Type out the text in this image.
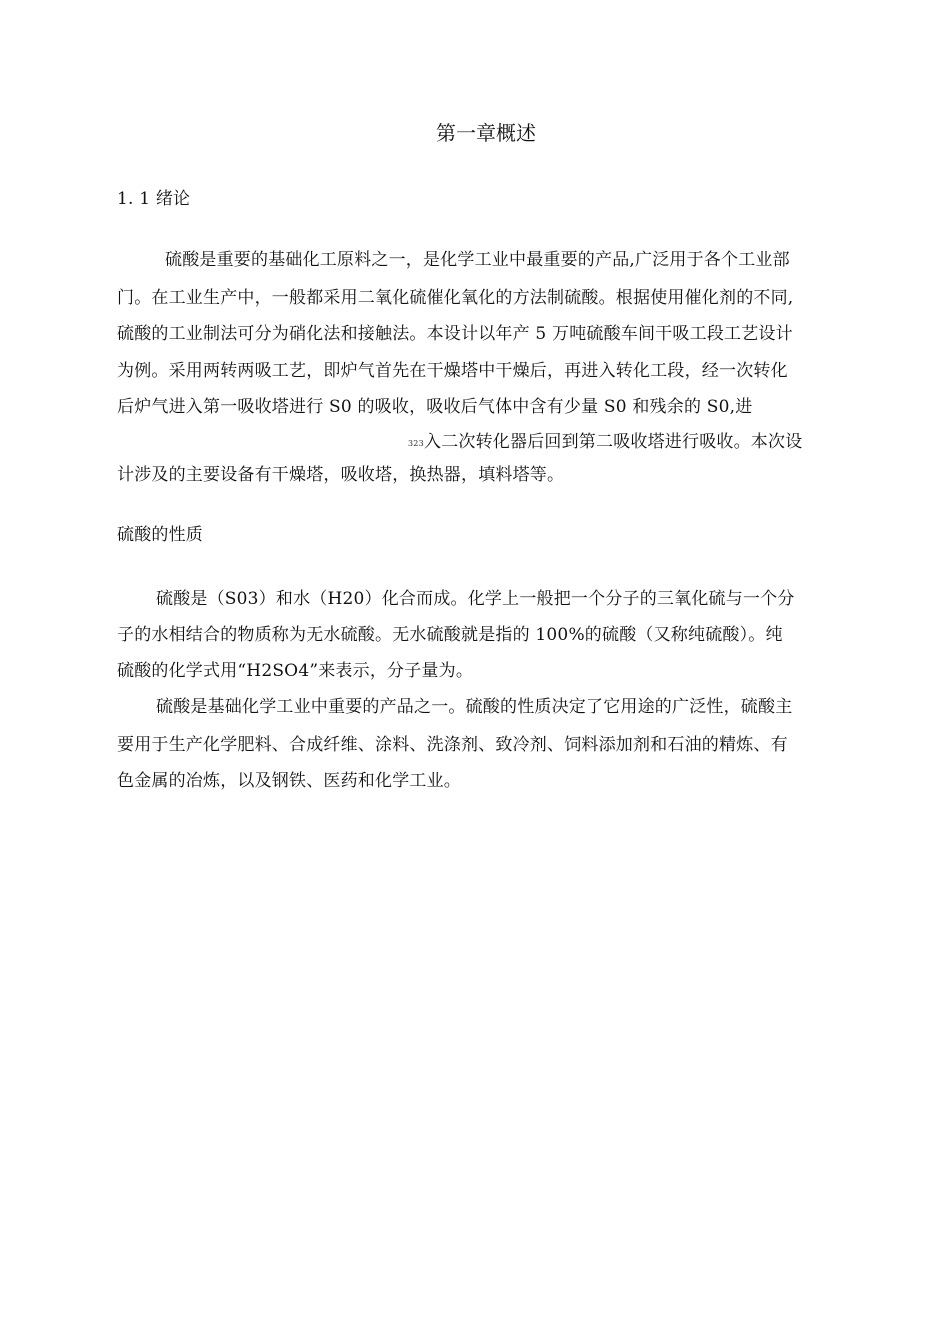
第一章概述
1. 1 绪论
硫酸是重要的基础化工原料之一，是化学工业中最重要的产品,广泛用于各个工业部
门。在工业生产中，一般都采用二氧化硫催化氧化的方法制硫酸。根据使用催化剂的不同,
硫酸的工业制法可分为硝化法和接触法。本设计以年产 5 万吨硫酸车间干吸工段工艺设计
为例。采用两转两吸工艺，即炉气首先在干燥塔中干燥后，再进入转化工段，经一次转化
后炉气进入第一吸收塔进行 S0 的吸收，吸收后气体中含有少量 S0 和残余的 S0,进
323 入二次转化器后回到第二吸收塔进行吸收。本次设
计涉及的主要设备有干燥塔，吸收塔，换热器，填料塔等。
硫酸的性质
硫酸是（S03）和水（H20）化合而成。化学上一般把一个分子的三氧化硫与一个分
子的水相结合的物质称为无水硫酸。无水硫酸就是指的 100%的硫酸（又称纯硫酸）。纯
硫酸的化学式用“H2SO4”来表示，分子量为。
硫酸是基础化学工业中重要的产品之一。硫酸的性质决定了它用途的广泛性，硫酸主
要用于生产化学肥料、合成纤维、涂料、洗涤剂、致冷剂、饲料添加剂和石油的精炼、有
色金属的冶炼，以及钢铁、医药和化学工业。
